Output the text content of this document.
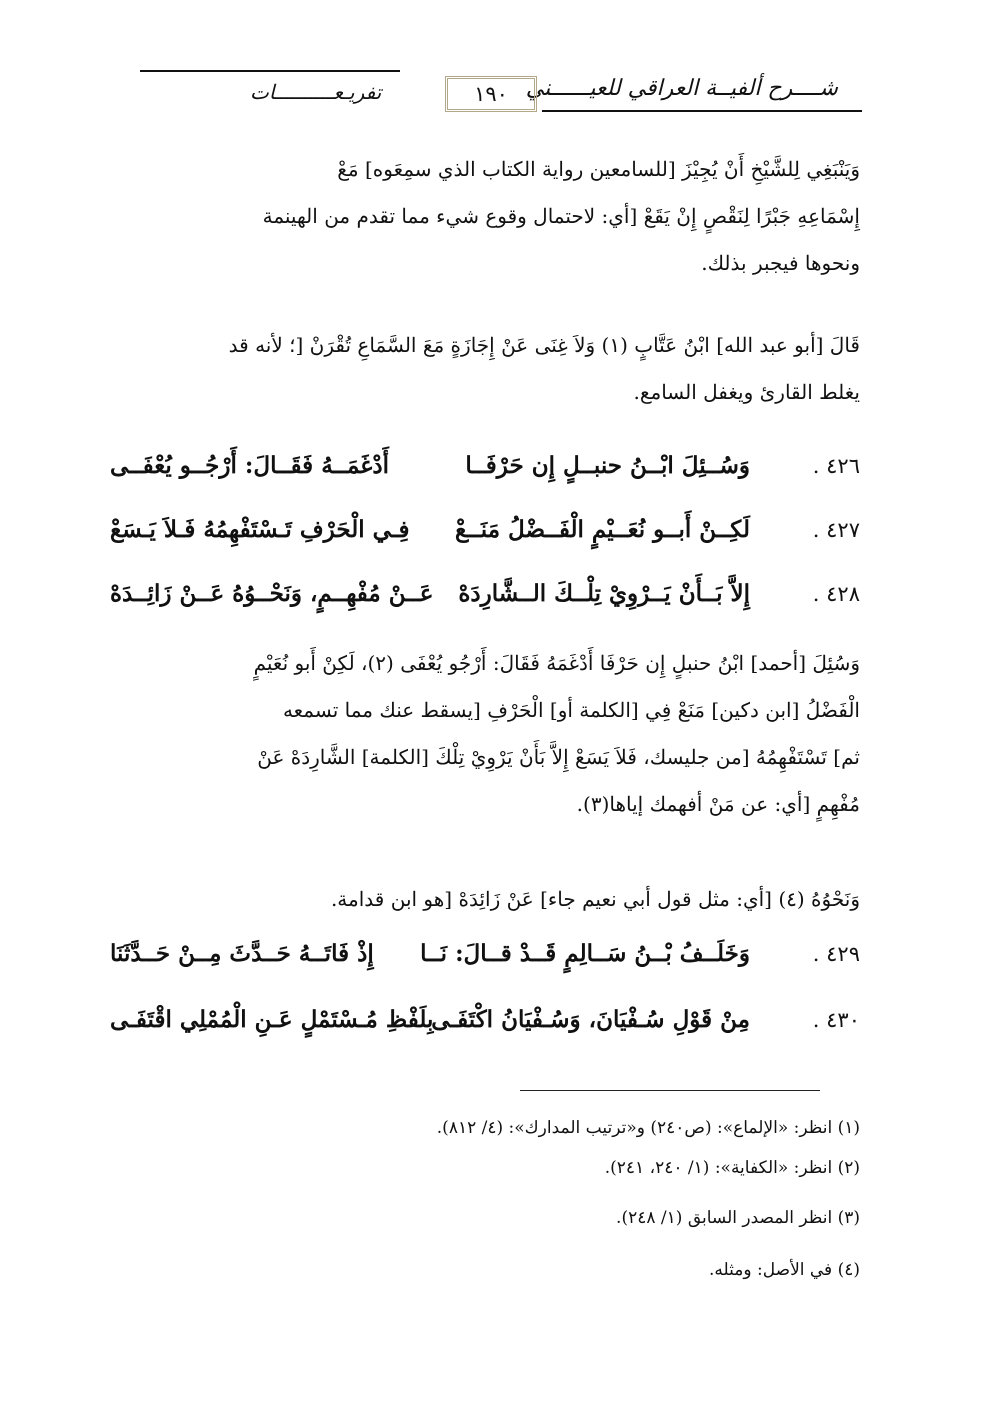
شــــرح ألفيــة العراقي للعيــــــني
١٩٠
تفريـعــــــــــات
وَيَنْبَغِي لِلشَّيْخِ أَنْ يُجِيْزَ [للسامعين رواية الكتاب الذي سمِعَوه] مَعْ
إِسْمَاعِهِ جَبْرًا لِنَقْصٍ إِنْ يَقَعْ [أي: لاحتمال وقوع شيء مما تقدم من الهينمة
ونحوها فيجبر بذلك.
قَالَ [أبو عبد الله] ابْنُ عَتَّابٍ (١) وَلاَ غِنَى عَنْ إِجَازَةٍ مَعَ السَّمَاعِ تُقْرَنْ [؛ لأنه قد
يغلط القارئ ويغفل السامع.
٤٢٦ .
وَسُــئِلَ ابْــنُ حنبــلٍ إِن حَرْفَــا
أَدْغَمَــهُ فَقَــالَ: أَرْجُــو يُعْفَــى
٤٢٧ .
لَكِــنْ أَبــو نُعَــيْمٍ الْفَــضْلُ مَنَــعْ
فِـي الْحَرْفِ تَـسْتَفْهِمُهُ فَـلاَ يَـسَعْ
٤٢٨ .
إِلاَّ بَــأَنْ يَــرْوِيْ تِلْــكَ الــشَّارِدَهْ
عَــنْ مُفْهِــمٍ، وَنَحْــوُهُ عَــنْ زَائِــدَهْ
وَسُئِلَ [أحمد] ابْنُ حنبلٍ إِن حَرْفَا أَدْغَمَهُ فَقَالَ: أَرْجُو يُعْفَى (٢)، لَكِنْ أَبو نُعَيْمٍ
الْفَضْلُ [ابن دكين] مَنَعْ فِي [الكلمة أو] الْحَرْفِ [يسقط عنك مما تسمعه
ثم] تَسْتَفْهِمُهُ [من جليسك، فَلاَ يَسَعْ إِلاَّ بَأَنْ يَرْوِيْ تِلْكَ [الكلمة] الشَّارِدَهْ عَنْ
مُفْهِمٍ [أي: عن مَنْ أفهمك إياها(٣).
وَنَحْوُهُ (٤) [أي: مثل قول أبي نعيم جاء] عَنْ زَائِدَهْ [هو ابن قدامة.
٤٢٩ .
وَخَلَــفُ بْــنُ سَــالِمٍ قَــدْ قــالَ: نَــا
إِذْ فَاتَــهُ حَــدَّثَ مِــنْ حَــدَّثَنَا
٤٣٠ .
مِنْ قَوْلِ سُـفْيَانَ، وَسُـفْيَانُ اكْتَفَـى
بِلَفْظِ مُـسْتَمْلٍ عَـنِ الْمُمْلِي اقْتَفَـى
(١) انظر: «الإلماع»: (ص٢٤٠) و«ترتيب المدارك»: (٤/ ٨١٢).
(٢) انظر: «الكفاية»: (١/ ٢٤٠، ٢٤١).
(٣) انظر المصدر السابق (١/ ٢٤٨).
(٤) في الأصل: ومثله.
